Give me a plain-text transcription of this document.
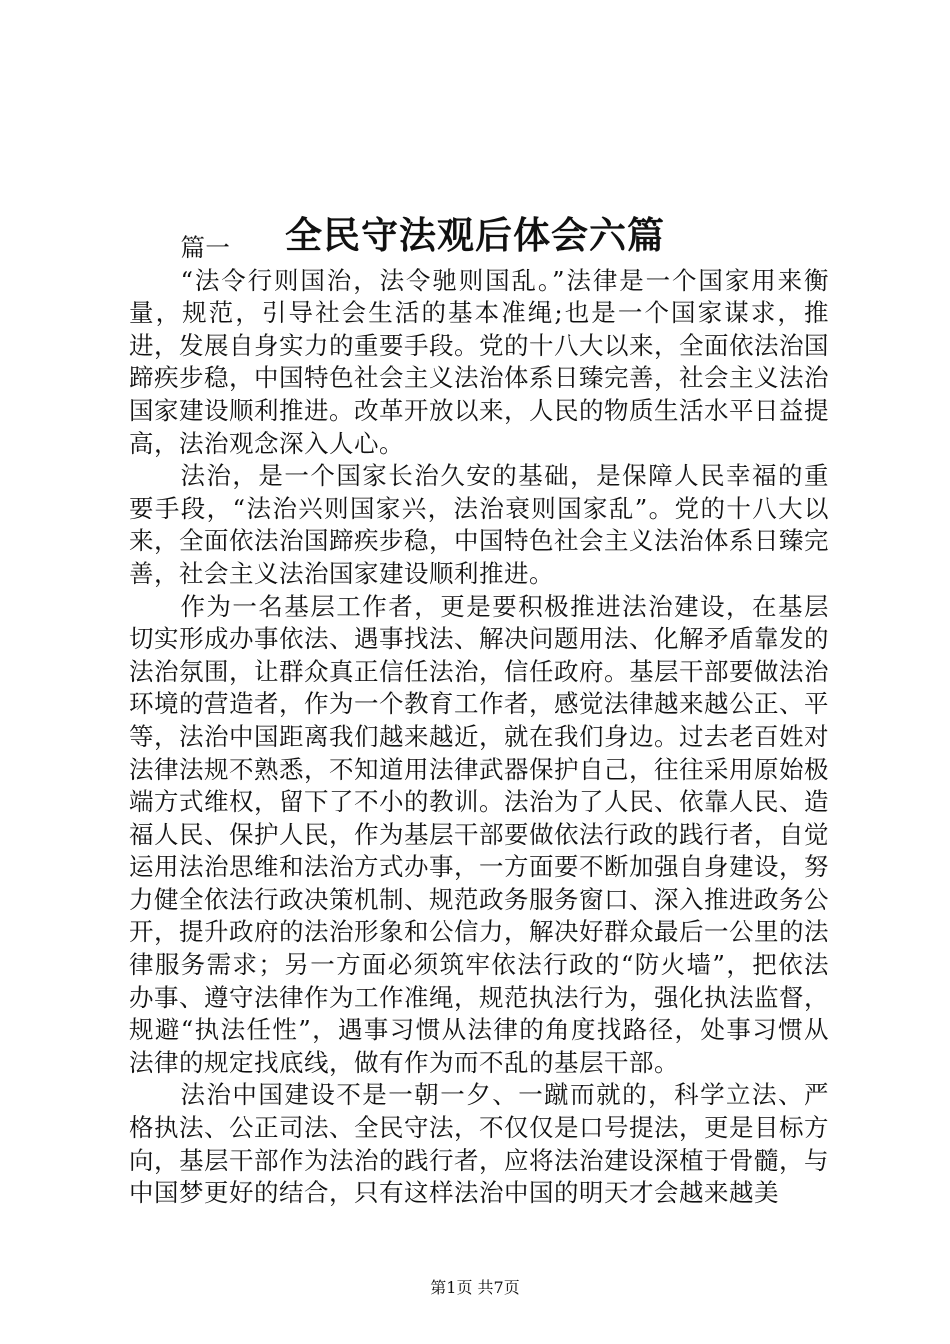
全民守法观后体会六篇

篇一

“法令行则国治，法令驰则国乱。”法律是一个国家用来衡量，规范，引导社会生活的基本准绳;也是一个国家谋求，推进，发展自身实力的重要手段。党的十八大以来，全面依法治国蹄疾步稳，中国特色社会主义法治体系日臻完善，社会主义法治国家建设顺利推进。改革开放以来，人民的物质生活水平日益提高，法治观念深入人心。

法治，是一个国家长治久安的基础，是保障人民幸福的重要手段，“法治兴则国家兴，法治衰则国家乱”。党的十八大以来，全面依法治国蹄疾步稳，中国特色社会主义法治体系日臻完善，社会主义法治国家建设顺利推进。

作为一名基层工作者，更是要积极推进法治建设，在基层切实形成办事依法、遇事找法、解决问题用法、化解矛盾靠发的法治氛围，让群众真正信任法治，信任政府。基层干部要做法治环境的营造者，作为一个教育工作者，感觉法律越来越公正、平等，法治中国距离我们越来越近，就在我们身边。过去老百姓对法律法规不熟悉，不知道用法律武器保护自己，往往采用原始极端方式维权，留下了不小的教训。法治为了人民、依靠人民、造福人民、保护人民，作为基层干部要做依法行政的践行者，自觉运用法治思维和法治方式办事，一方面要不断加强自身建设，努力健全依法行政决策机制、规范政务服务窗口、深入推进政务公开，提升政府的法治形象和公信力，解决好群众最后一公里的法律服务需求；另一方面必须筑牢依法行政的“防火墙”，把依法办事、遵守法律作为工作准绳，规范执法行为，强化执法监督，规避“执法任性”，遇事习惯从法律的角度找路径，处事习惯从法律的规定找底线，做有作为而不乱的基层干部。

法治中国建设不是一朝一夕、一蹴而就的，科学立法、严格执法、公正司法、全民守法，不仅仅是口号提法，更是目标方向，基层干部作为法治的践行者，应将法治建设深植于骨髓，与中国梦更好的结合，只有这样法治中国的明天才会越来越美

第1页 共7页
